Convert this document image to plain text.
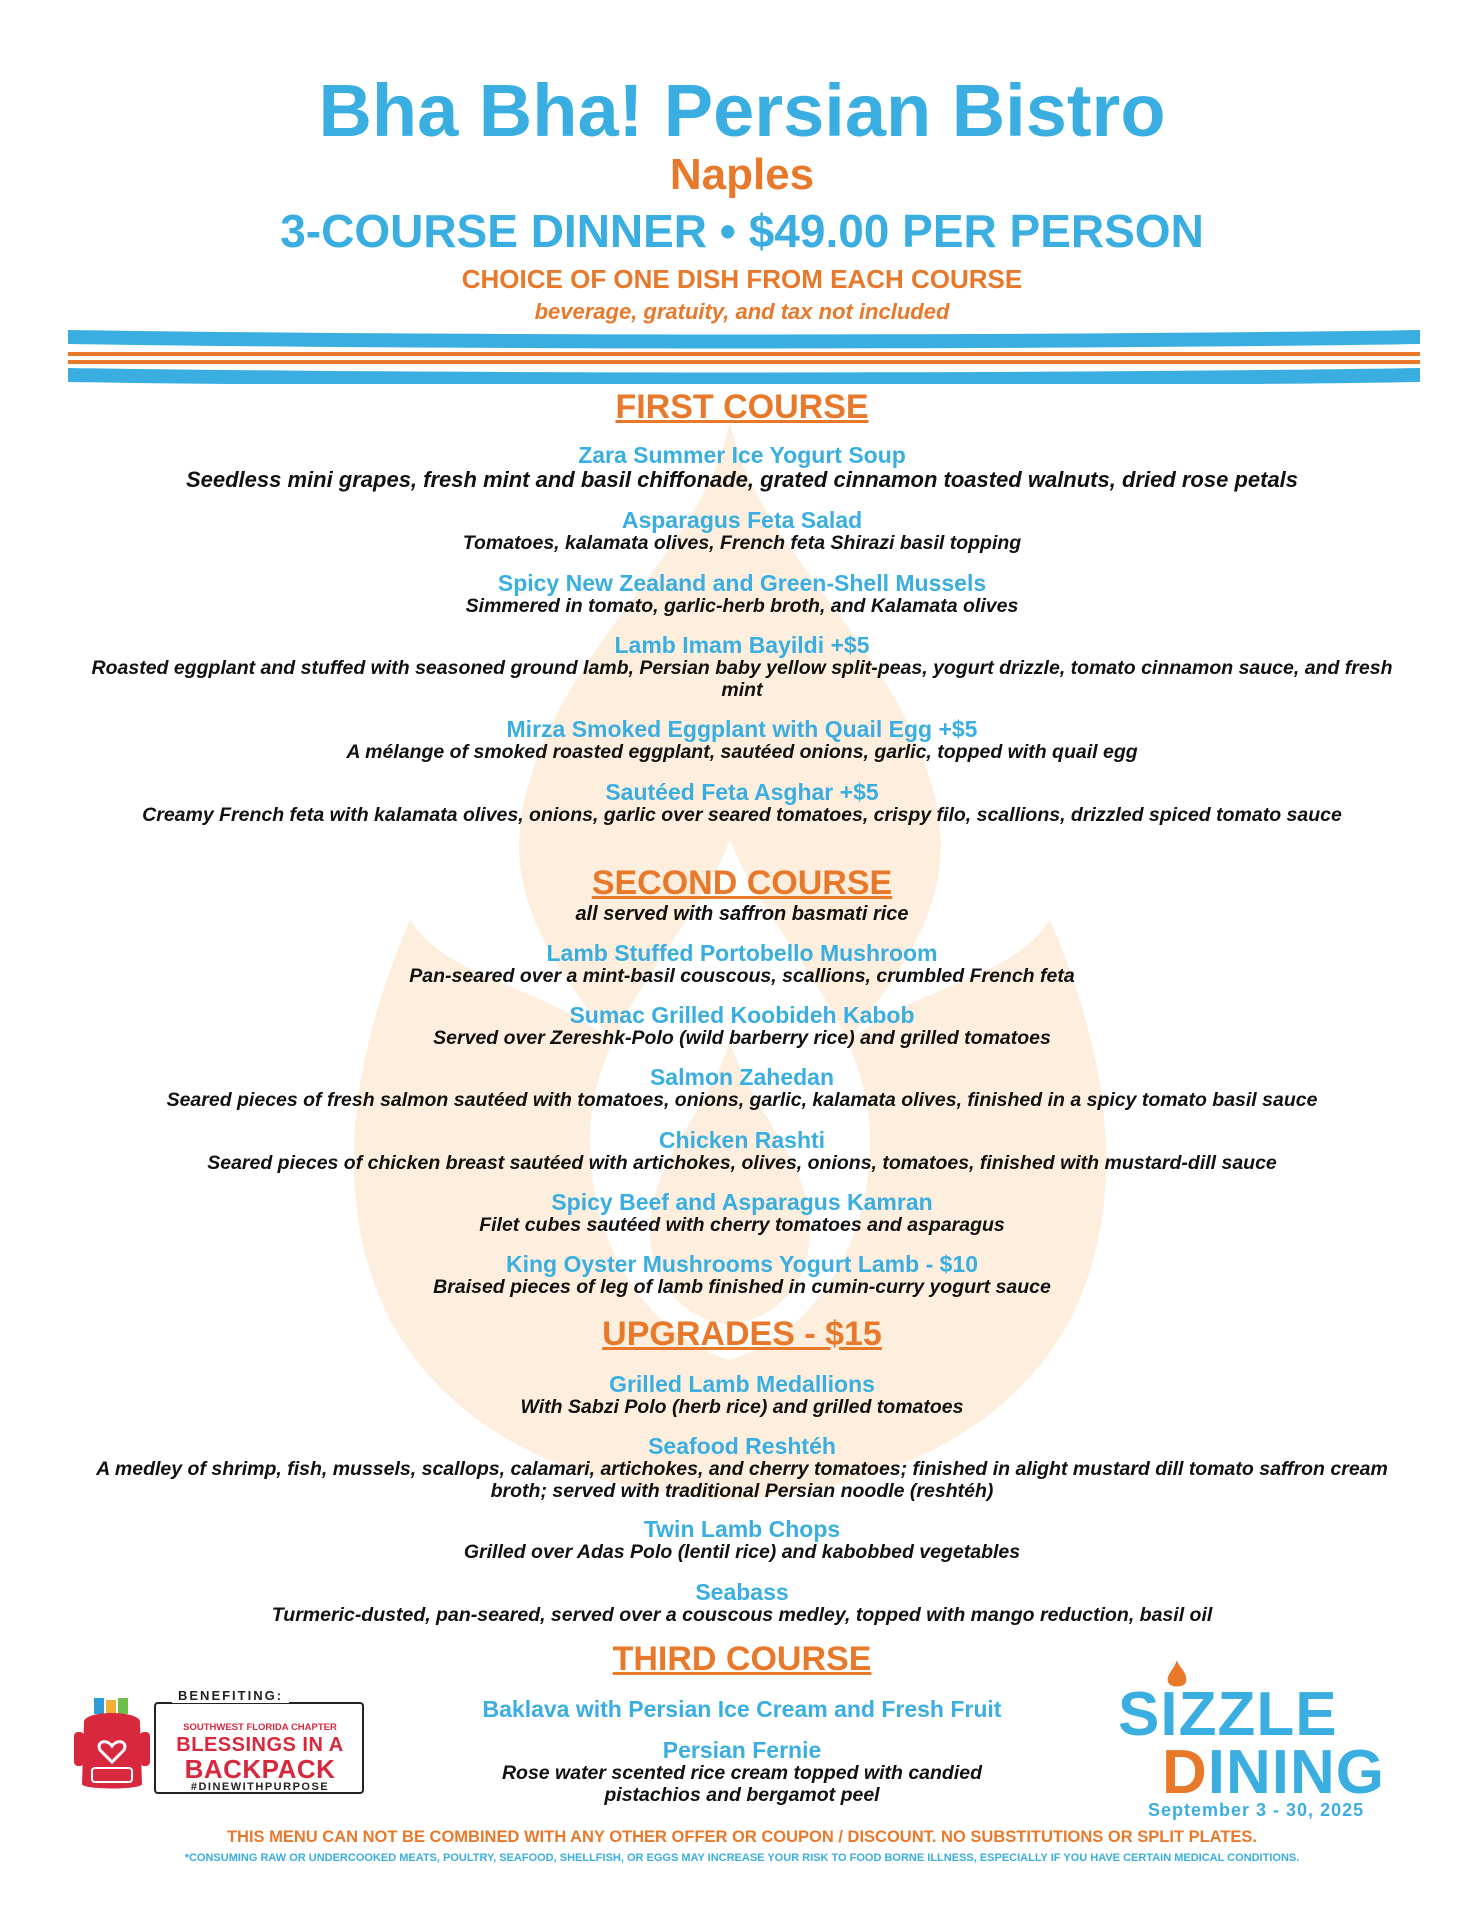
Bha Bha! Persian Bistro
Naples
3-COURSE DINNER • $49.00 PER PERSON
CHOICE OF ONE DISH FROM EACH COURSE
beverage, gratuity, and tax not included
FIRST COURSE
Zara Summer Ice Yogurt Soup
Seedless mini grapes, fresh mint and basil chiffonade, grated cinnamon toasted walnuts, dried rose petals
Asparagus Feta Salad
Tomatoes, kalamata olives, French feta Shirazi basil topping
Spicy New Zealand and Green-Shell Mussels
Simmered in tomato, garlic-herb broth, and Kalamata olives
Lamb Imam Bayildi +$5
Roasted eggplant and stuffed with seasoned ground lamb, Persian baby yellow split-peas, yogurt drizzle, tomato cinnamon sauce, and fresh mint
Mirza Smoked Eggplant with Quail Egg +$5
A mélange of smoked roasted eggplant, sautéed onions, garlic, topped with quail egg
Sautéed Feta Asghar +$5
Creamy French feta with kalamata olives, onions, garlic over seared tomatoes, crispy filo, scallions, drizzled spiced tomato sauce
SECOND COURSE
all served with saffron basmati rice
Lamb Stuffed Portobello Mushroom
Pan-seared over a mint-basil couscous, scallions, crumbled French feta
Sumac Grilled Koobideh Kabob
Served over Zereshk-Polo (wild barberry rice) and grilled tomatoes
Salmon Zahedan
Seared pieces of fresh salmon sautéed with tomatoes, onions, garlic, kalamata olives, finished in a spicy tomato basil sauce
Chicken Rashti
Seared pieces of chicken breast sautéed with artichokes, olives, onions, tomatoes, finished with mustard-dill sauce
Spicy Beef and Asparagus Kamran
Filet cubes sautéed with cherry tomatoes and asparagus
King Oyster Mushrooms Yogurt Lamb - $10
Braised pieces of leg of lamb finished in cumin-curry yogurt sauce
UPGRADES - $15
Grilled Lamb Medallions
With Sabzi Polo (herb rice) and grilled tomatoes
Seafood Reshtéh
A medley of shrimp, fish, mussels, scallops, calamari, artichokes, and cherry tomatoes; finished in alight mustard dill tomato saffron cream broth; served with traditional Persian noodle (reshtéh)
Twin Lamb Chops
Grilled over Adas Polo (lentil rice) and kabobbed vegetables
Seabass
Turmeric-dusted, pan-seared, served over a couscous medley, topped with mango reduction, basil oil
THIRD COURSE
Baklava with Persian Ice Cream and Fresh Fruit
Persian Fernie
Rose water scented rice cream topped with candied pistachios and bergamot peel
SOUTHWEST FLORIDA CHAPTER
BLESSINGS IN A
BACKPACK
#DINEWITHPURPOSE
BENEFITING:	SIZZLE
DINING
September 3 - 30, 2025
THIS MENU CAN NOT BE COMBINED WITH ANY OTHER OFFER OR COUPON / DISCOUNT. NO SUBSTITUTIONS OR SPLIT PLATES.
*CONSUMING RAW OR UNDERCOOKED MEATS, POULTRY, SEAFOOD, SHELLFISH, OR EGGS MAY INCREASE YOUR RISK TO FOOD BORNE ILLNESS, ESPECIALLY IF YOU HAVE CERTAIN MEDICAL CONDITIONS.
